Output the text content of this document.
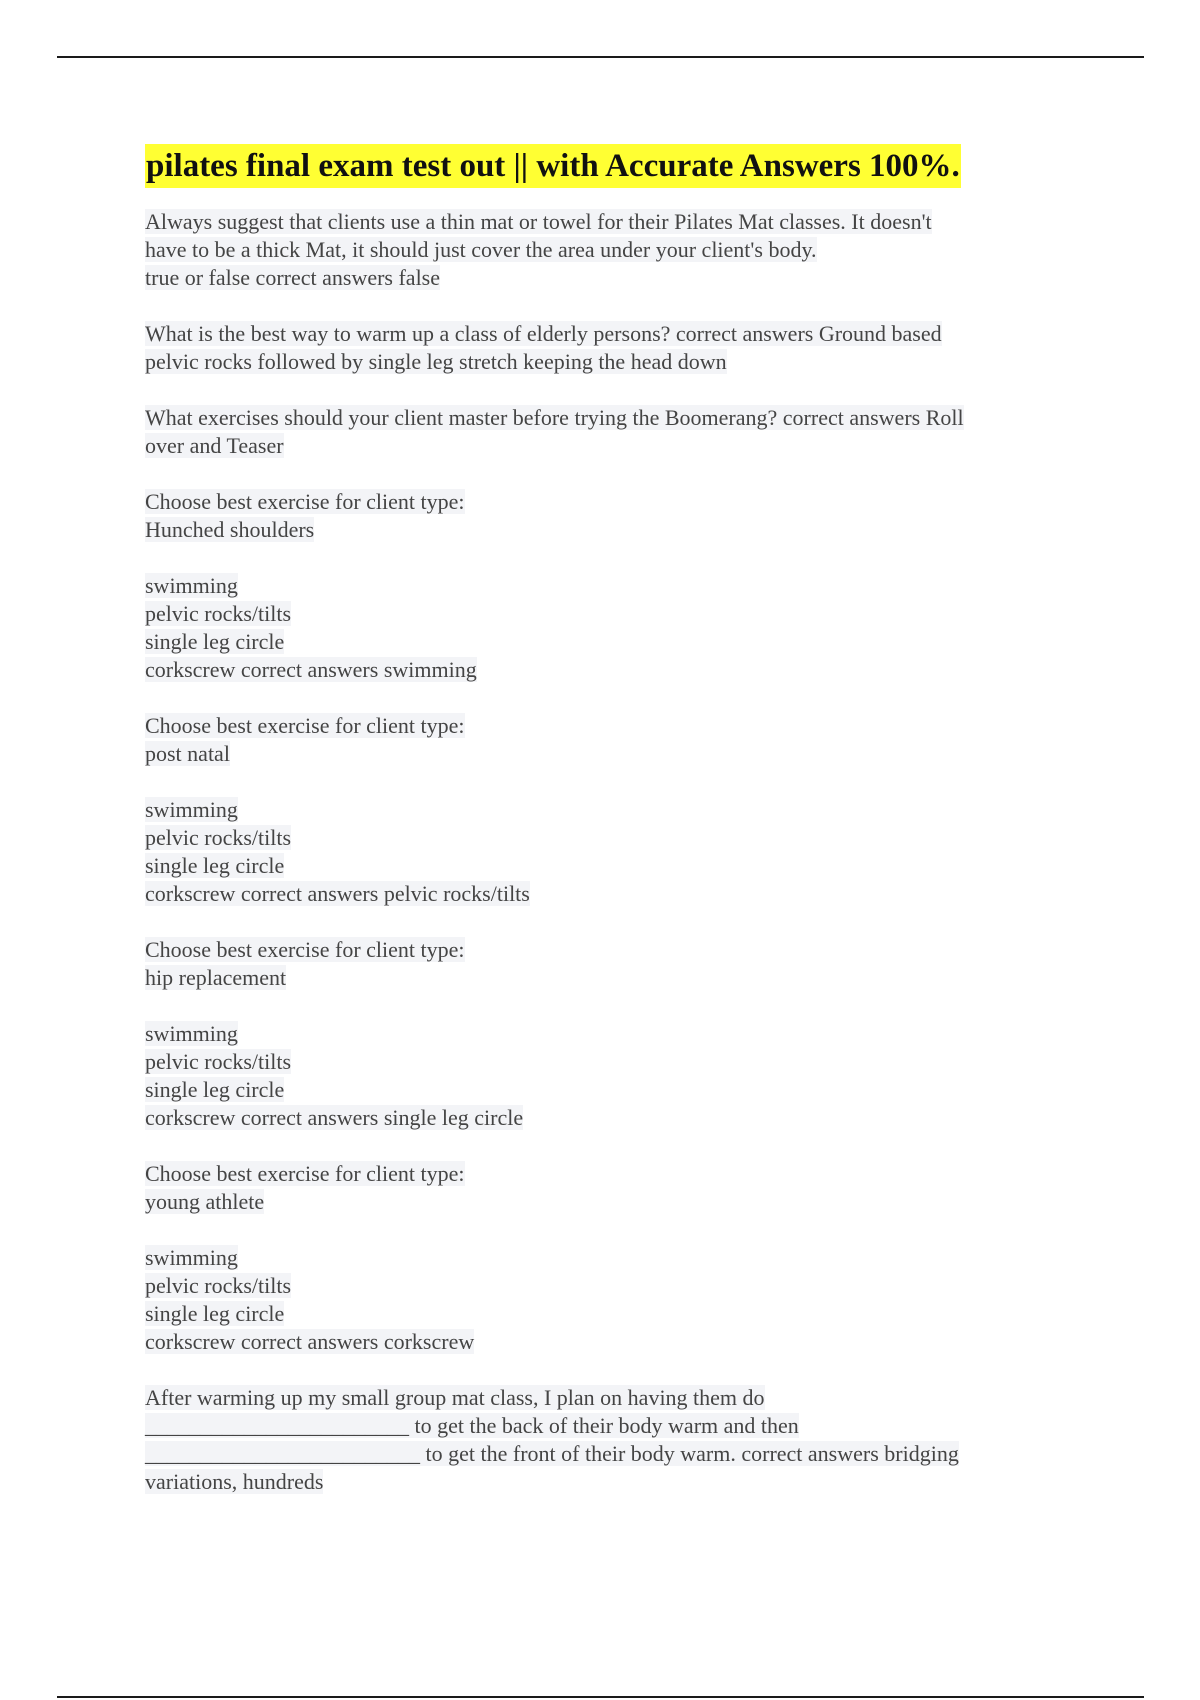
pilates final exam test out || with Accurate Answers 100%.
Always suggest that clients use a thin mat or towel for their Pilates Mat classes. It doesn't
have to be a thick Mat, it should just cover the area under your client's body.
true or false correct answers false
What is the best way to warm up a class of elderly persons? correct answers Ground based
pelvic rocks followed by single leg stretch keeping the head down
What exercises should your client master before trying the Boomerang? correct answers Roll
over and Teaser
Choose best exercise for client type:
Hunched shoulders
swimming
pelvic rocks/tilts
single leg circle
corkscrew correct answers swimming
Choose best exercise for client type:
post natal
swimming
pelvic rocks/tilts
single leg circle
corkscrew correct answers pelvic rocks/tilts
Choose best exercise for client type:
hip replacement
swimming
pelvic rocks/tilts
single leg circle
corkscrew correct answers single leg circle
Choose best exercise for client type:
young athlete
swimming
pelvic rocks/tilts
single leg circle
corkscrew correct answers corkscrew
After warming up my small group mat class, I plan on having them do
________________________ to get the back of their body warm and then
_________________________ to get the front of their body warm. correct answers bridging
variations, hundreds
